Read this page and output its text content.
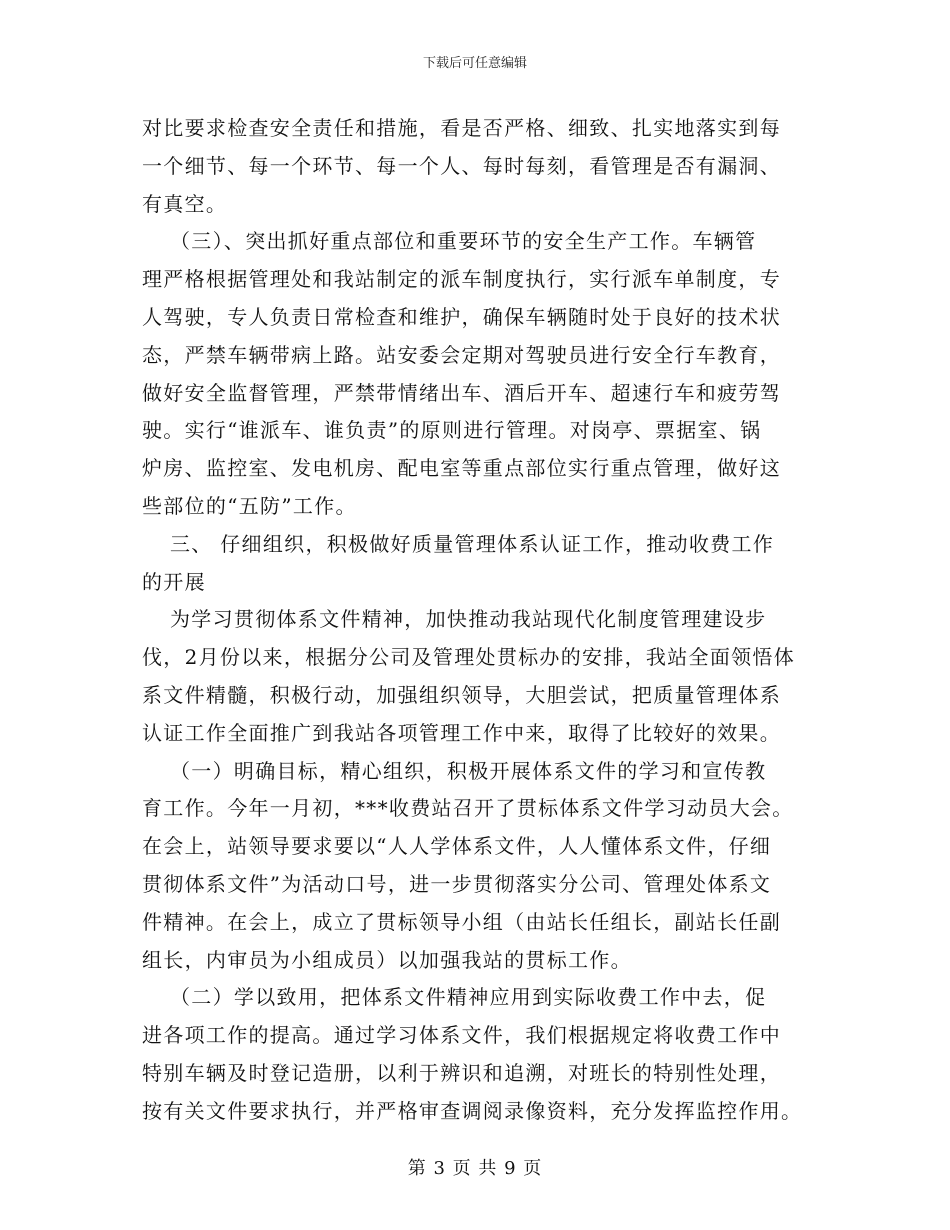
下载后可任意编辑
对比要求检查安全责任和措施，看是否严格、细致、扎实地落实到每
一个细节、每一个环节、每一个人、每时每刻，看管理是否有漏洞、
有真空。
（三）、突出抓好重点部位和重要环节的安全生产工作。车辆管
理严格根据管理处和我站制定的派车制度执行，实行派车单制度，专
人驾驶，专人负责日常检查和维护，确保车辆随时处于良好的技术状
态，严禁车辆带病上路。站安委会定期对驾驶员进行安全行车教育，
做好安全监督管理，严禁带情绪出车、酒后开车、超速行车和疲劳驾
驶。实行“谁派车、谁负责”的原则进行管理。对岗亭、票据室、锅
炉房、监控室、发电机房、配电室等重点部位实行重点管理，做好这
些部位的“五防”工作。
三、 仔细组织，积极做好质量管理体系认证工作，推动收费工作
的开展
为学习贯彻体系文件精神，加快推动我站现代化制度管理建设步
伐，2月份以来，根据分公司及管理处贯标办的安排，我站全面领悟体
系文件精髓，积极行动，加强组织领导，大胆尝试，把质量管理体系
认证工作全面推广到我站各项管理工作中来，取得了比较好的效果。
（一）明确目标，精心组织，积极开展体系文件的学习和宣传教
育工作。今年一月初，***收费站召开了贯标体系文件学习动员大会。
在会上，站领导要求要以“人人学体系文件，人人懂体系文件，仔细
贯彻体系文件”为活动口号，进一步贯彻落实分公司、管理处体系文
件精神。在会上，成立了贯标领导小组（由站长任组长，副站长任副
组长，内审员为小组成员）以加强我站的贯标工作。
（二）学以致用，把体系文件精神应用到实际收费工作中去，促
进各项工作的提高。通过学习体系文件，我们根据规定将收费工作中
特别车辆及时登记造册，以利于辨识和追溯，对班长的特别性处理，
按有关文件要求执行，并严格审查调阅录像资料，充分发挥监控作用。
第 3 页 共 9 页
